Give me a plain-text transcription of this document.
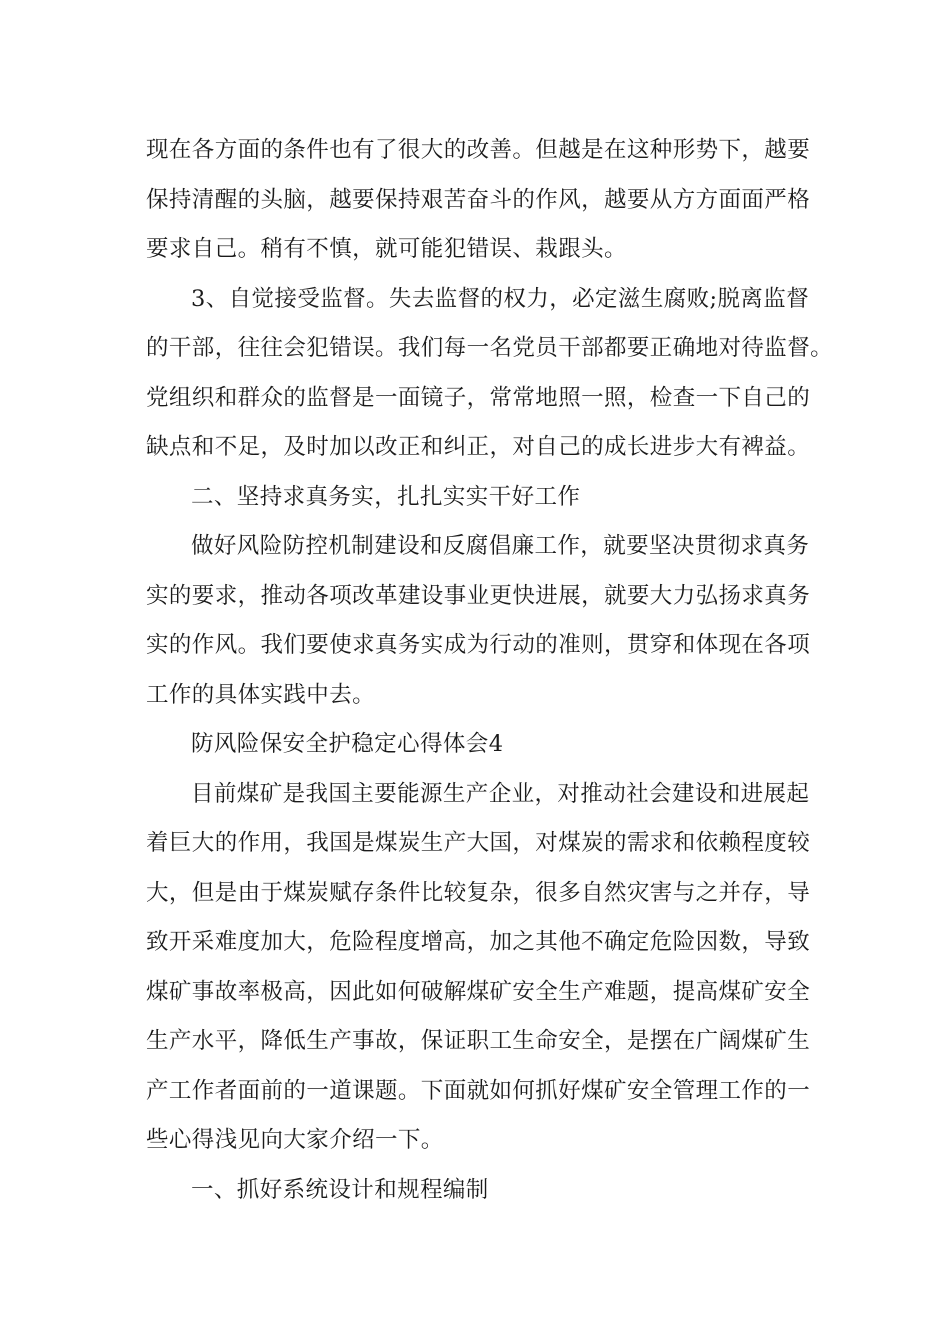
现在各方面的条件也有了很大的改善。但越是在这种形势下，越要
保持清醒的头脑，越要保持艰苦奋斗的作风，越要从方方面面严格
要求自己。稍有不慎，就可能犯错误、栽跟头。
3、自觉接受监督。失去监督的权力，必定滋生腐败;脱离监督
的干部，往往会犯错误。我们每一名党员干部都要正确地对待监督。
党组织和群众的监督是一面镜子，常常地照一照，检查一下自己的
缺点和不足，及时加以改正和纠正，对自己的成长进步大有裨益。
二、坚持求真务实，扎扎实实干好工作
做好风险防控机制建设和反腐倡廉工作，就要坚决贯彻求真务
实的要求，推动各项改革建设事业更快进展，就要大力弘扬求真务
实的作风。我们要使求真务实成为行动的准则，贯穿和体现在各项
工作的具体实践中去。
防风险保安全护稳定心得体会4
目前煤矿是我国主要能源生产企业，对推动社会建设和进展起
着巨大的作用，我国是煤炭生产大国，对煤炭的需求和依赖程度较
大，但是由于煤炭赋存条件比较复杂，很多自然灾害与之并存，导
致开采难度加大，危险程度增高，加之其他不确定危险因数，导致
煤矿事故率极高，因此如何破解煤矿安全生产难题，提高煤矿安全
生产水平，降低生产事故，保证职工生命安全，是摆在广阔煤矿生
产工作者面前的一道课题。下面就如何抓好煤矿安全管理工作的一
些心得浅见向大家介绍一下。
一、抓好系统设计和规程编制
